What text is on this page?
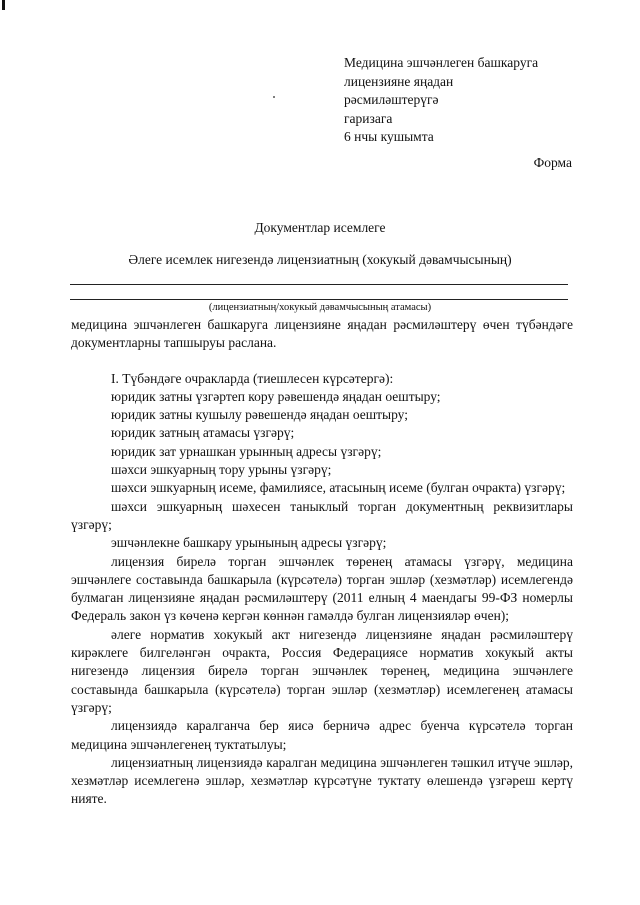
Медицина эшчәнлеген башкаруга
лицензияне яңадан
рәсмиләштерүгә
гаризага
6 нчы кушымта
Форма
Документлар исемлеге
Әлеге исемлек нигезендә лицензиатның (хокукый дәвамчысының)
(лицензиатның/хокукый дәвамчысының атамасы)

медицина эшчәнлеген башкаруга лицензияне яңадан рәсмиләштерү өчен түбәндәге документларны тапшыруы раслана.

I. Түбәндәге очракларда (тиешлесен күрсәтергә):

юридик затны үзгәртеп кору рәвешендә яңадан оештыру;

юридик затны кушылу рәвешендә яңадан оештыру;

юридик затның атамасы үзгәрү;

юридик зат урнашкан урынның адресы үзгәрү;

шәхси эшкуарның тору урыны үзгәрү;

шәхси эшкуарның исеме, фамилиясе, атасының исеме (булган очракта) үзгәрү;

шәхси эшкуарның шәхесен таныклый торган документның реквизитлары үзгәрү;

эшчәнлекне башкару урынының адресы үзгәрү;

лицензия бирелә торган эшчәнлек төренең атамасы үзгәрү, медицина эшчәнлеге составында башкарыла (күрсәтелә) торган эшләр (хезмәтләр) исемлегендә булмаган лицензияне яңадан рәсмиләштерү (2011 елның 4 маендагы 99-ФЗ номерлы Федераль закон үз көченә кергән көннән гамәлдә булган лицензияләр өчен);

әлеге норматив хокукый акт нигезендә лицензияне яңадан рәсмиләштерү кирәклеге билгеләнгән очракта, Россия Федерациясе норматив хокукый акты нигезендә лицензия бирелә торган эшчәнлек төренең, медицина эшчәнлеге составында башкарыла (күрсәтелә) торган эшләр (хезмәтләр) исемлегенең атамасы үзгәрү;

лицензиядә каралганча бер яисә берничә адрес буенча күрсәтелә торган медицина эшчәнлегенең туктатылуы;

лицензиатның лицензиядә каралган медицина эшчәнлеген тәшкил итүче эшләр, хезмәтләр исемлегенә эшләр, хезмәтләр күрсәтүне туктату өлешендә үзгәреш кертү нияте.
